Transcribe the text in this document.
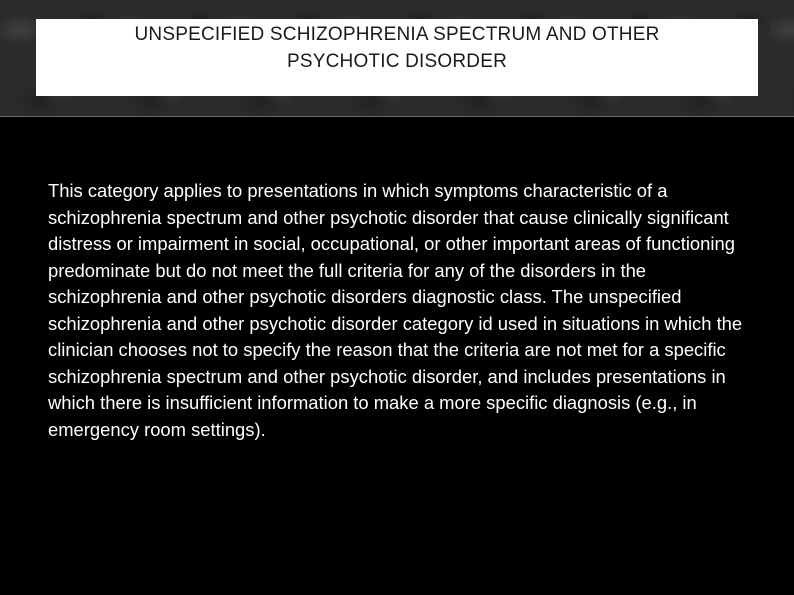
UNSPECIFIED SCHIZOPHRENIA SPECTRUM AND OTHER PSYCHOTIC DISORDER

This category applies to presentations in which symptoms characteristic of a schizophrenia spectrum and other psychotic disorder that cause clinically significant distress or impairment in social, occupational, or other important areas of functioning predominate but do not meet the full criteria for any of the disorders in the schizophrenia and other psychotic disorders diagnostic class. The unspecified schizophrenia and other psychotic disorder category id used in situations in which the clinician chooses not to specify the reason that the criteria are not met for a specific schizophrenia spectrum and other psychotic disorder, and includes presentations in which there is insufficient information to make a more specific diagnosis (e.g., in emergency room settings).
